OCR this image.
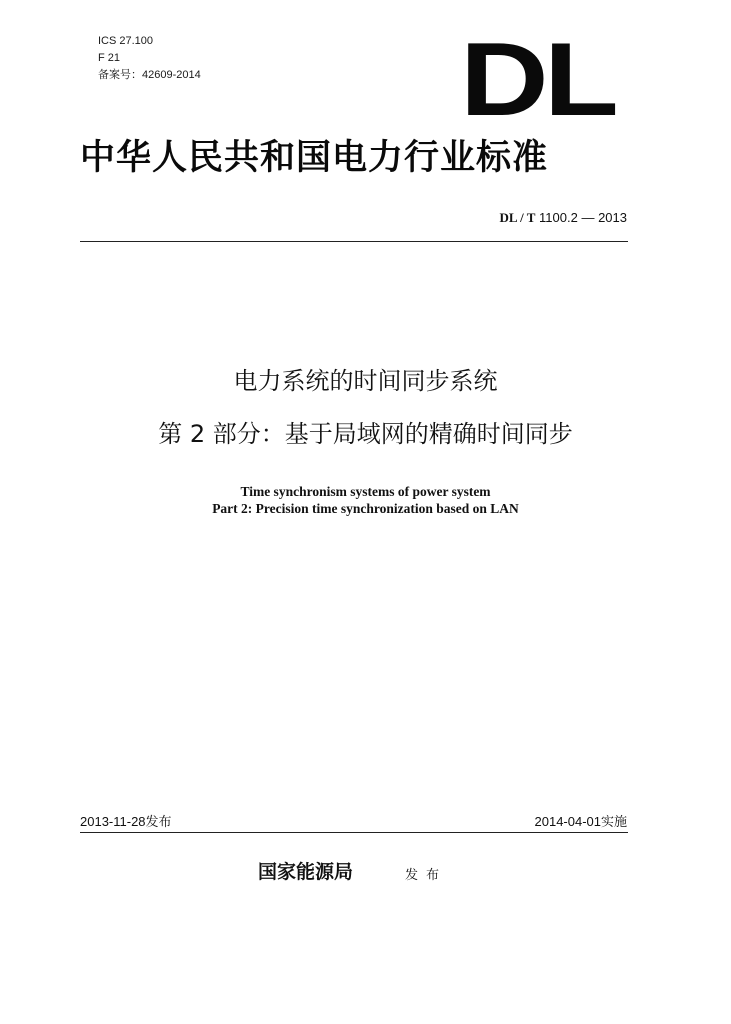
ICS 27.100
F 21
备案号：42609-2014 DL
中华人民共和国电力行业标准
DL / T 1100.2 — 2013
电力系统的时间同步系统
第 2 部分：基于局域网的精确时间同步
Time synchronism systems of power system
Part 2: Precision time synchronization based on LAN
2013-11-28发布	2014-04-01实施
国家能源局	发布
